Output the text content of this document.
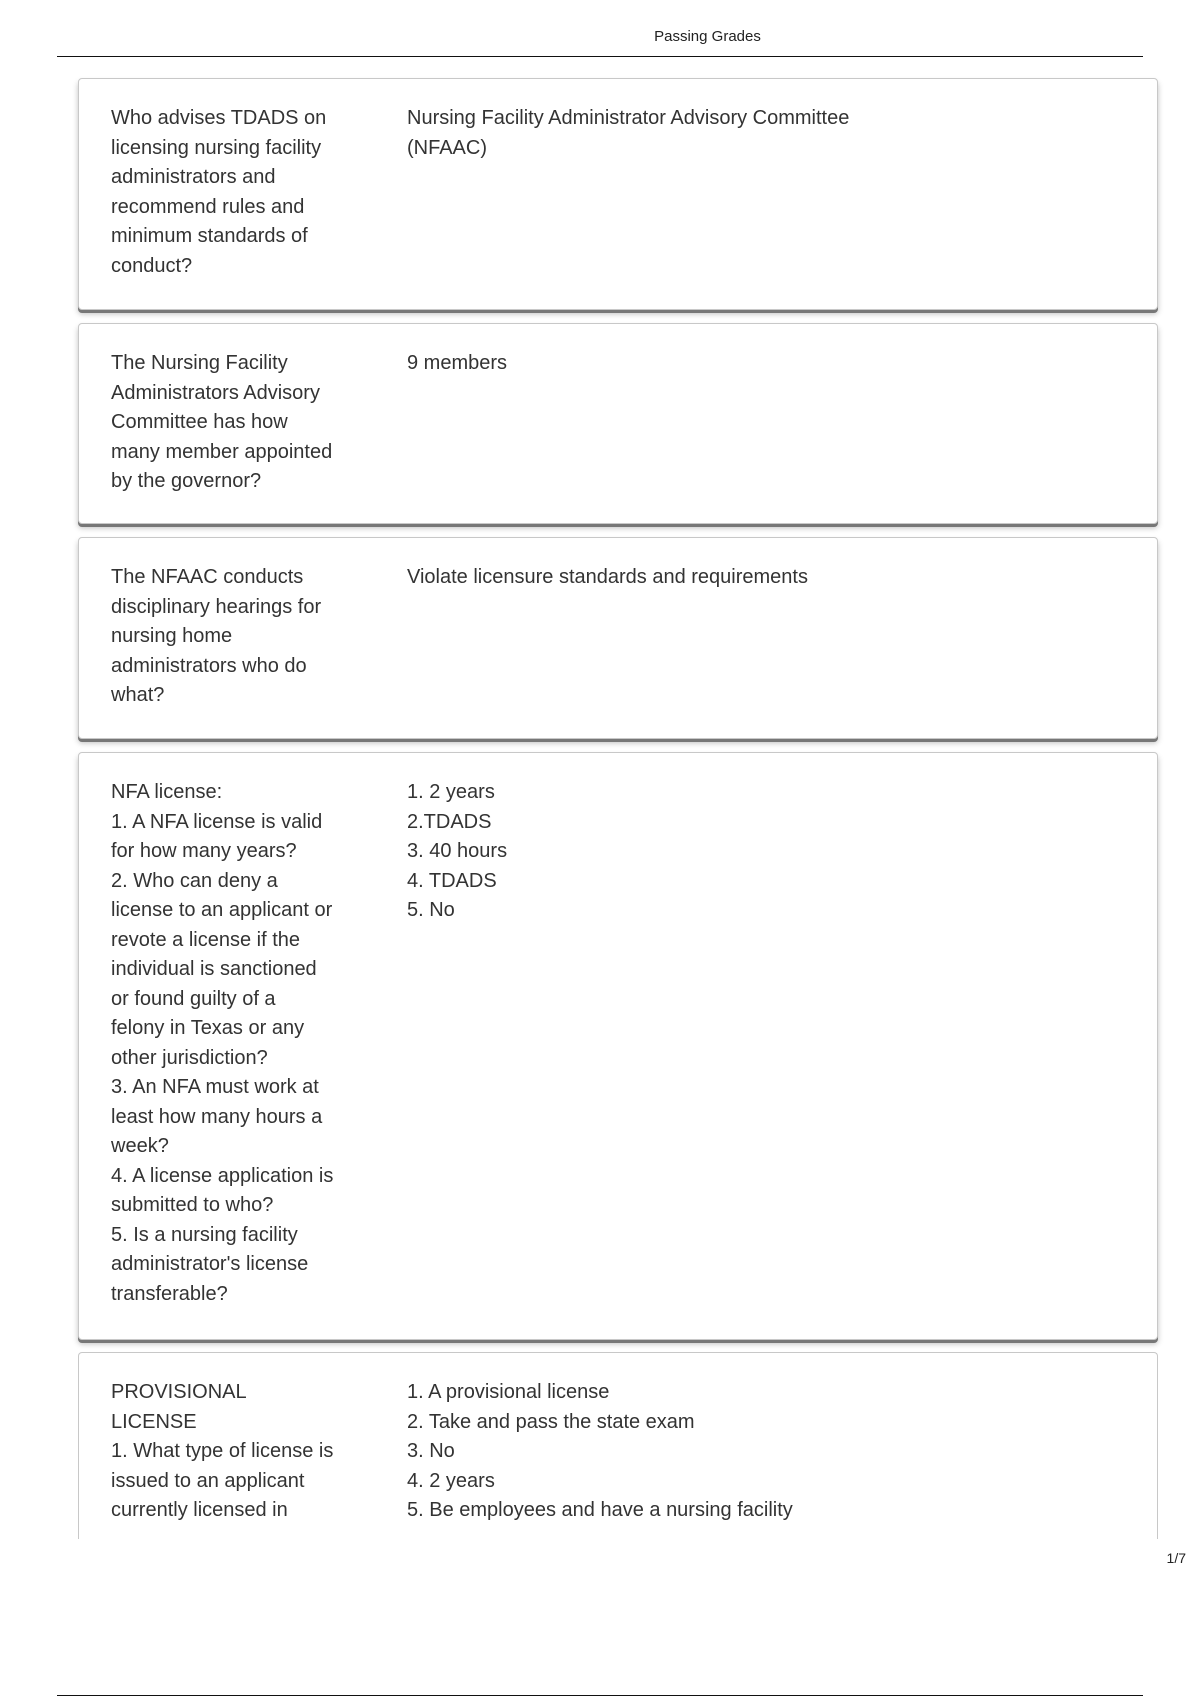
Passing Grades
Who advises TDADS on
licensing nursing facility
administrators and
recommend rules and
minimum standards of
conduct?
Nursing Facility Administrator Advisory Committee
(NFAAC)
The Nursing Facility
Administrators Advisory
Committee has how
many member appointed
by the governor?
9 members
The NFAAC conducts
disciplinary hearings for
nursing home
administrators who do
what?
Violate licensure standards and requirements
NFA license:
1. A NFA license is valid
for how many years?
2. Who can deny a
license to an applicant or
revote a license if the
individual is sanctioned
or found guilty of a
felony in Texas or any
other jurisdiction?
3. An NFA must work at
least how many hours a
week?
4. A license application is
submitted to who?
5. Is a nursing facility
administrator's license
transferable?
1. 2 years
2.TDADS
3. 40 hours
4. TDADS
5. No
PROVISIONAL
LICENSE
1. What type of license is
issued to an applicant
currently licensed in
1. A provisional license
2. Take and pass the state exam
3. No
4. 2 years
5. Be employees and have a nursing facility
1/7
